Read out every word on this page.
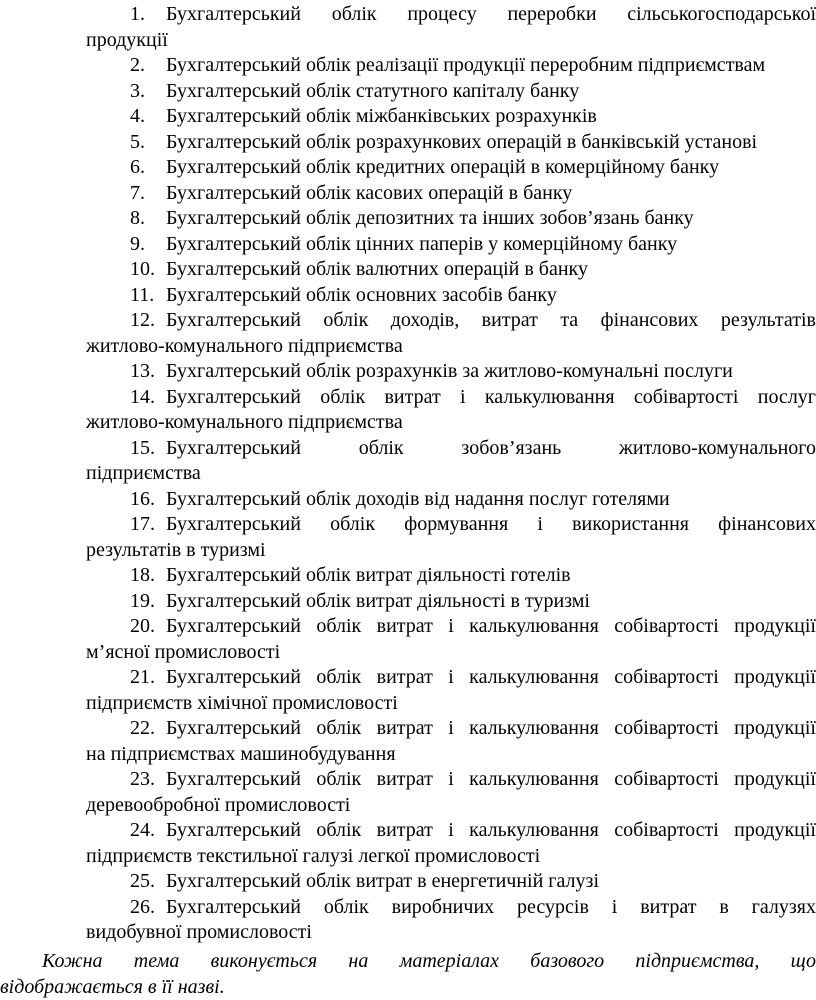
1.	Бухгалтерський облік процесу переробки сільськогосподарської
продукції
2.	Бухгалтерський облік реалізації продукції переробним підприємствам
3.	Бухгалтерський облік статутного капіталу банку
4.	Бухгалтерський облік міжбанківських розрахунків
5.	Бухгалтерський облік розрахункових операцій в банківській установі
6.	Бухгалтерський облік кредитних операцій в комерційному банку
7.	Бухгалтерський облік касових операцій в банку
8.	Бухгалтерський облік депозитних та інших зобов’язань банку
9.	Бухгалтерський облік цінних паперів у комерційному банку
10. Бухгалтерський облік валютних операцій в банку
11. Бухгалтерський облік основних засобів банку
12. Бухгалтерський облік доходів, витрат та фінансових результатів
житлово-комунального підприємства
13. Бухгалтерський облік розрахунків за житлово-комунальні послуги
14. Бухгалтерський облік витрат і калькулювання собівартості послуг
житлово-комунального підприємства
15. Бухгалтерський облік зобов’язань житлово-комунального
підприємства
16. Бухгалтерський облік доходів від надання послуг готелями
17. Бухгалтерський облік формування і використання фінансових
результатів в туризмі
18. Бухгалтерський облік витрат діяльності готелів
19. Бухгалтерський облік витрат діяльності в туризмі
20. Бухгалтерський облік витрат і калькулювання собівартості продукції
м’ясної промисловості
21. Бухгалтерський облік витрат і калькулювання собівартості продукції
підприємств хімічної промисловості
22. Бухгалтерський облік витрат і калькулювання собівартості продукції
на підприємствах машинобудування
23. Бухгалтерський облік витрат і калькулювання собівартості продукції
деревообробної промисловості
24. Бухгалтерський облік витрат і калькулювання собівартості продукції
підприємств текстильної галузі легкої промисловості
25. Бухгалтерський облік витрат в енергетичній галузі
26. Бухгалтерський облік виробничих ресурсів і витрат в галузях
видобувної промисловості
Кожна тема виконується на матеріалах базового підприємства, що
відображається в її назві.
